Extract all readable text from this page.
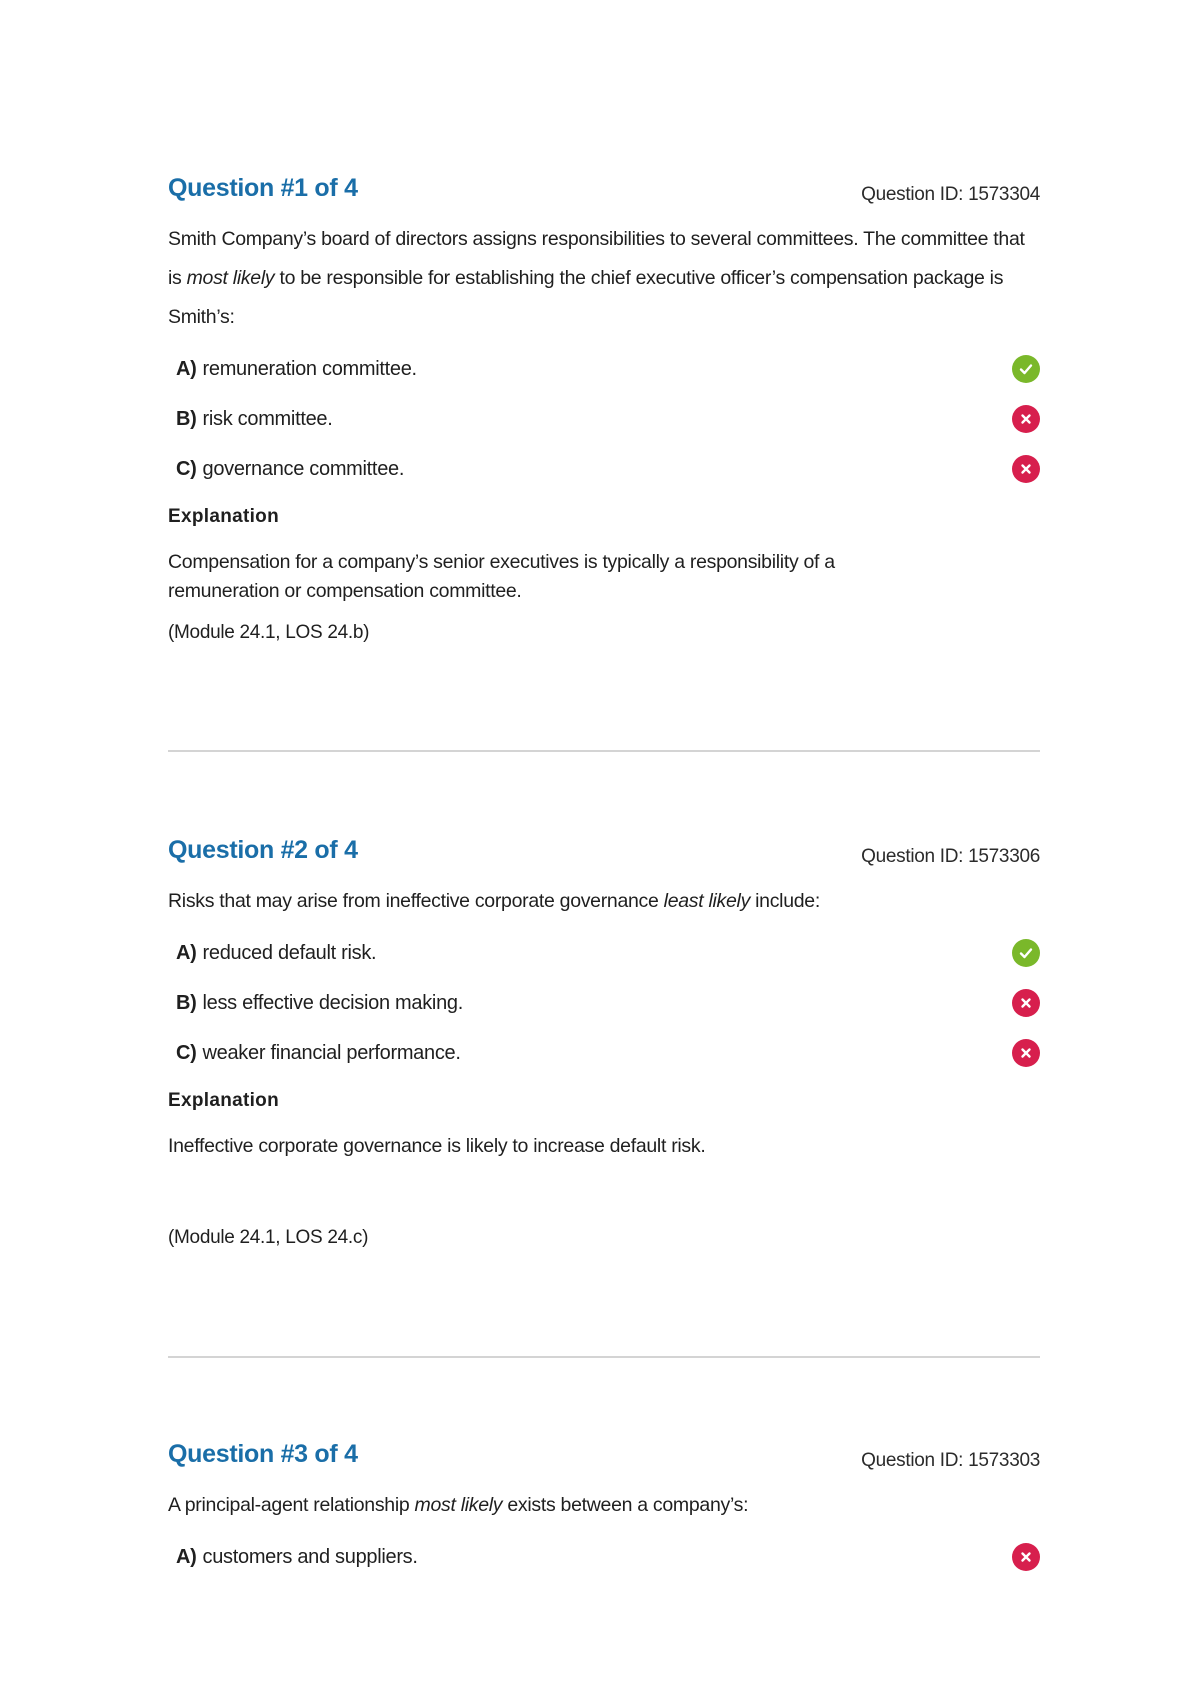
Question #1 of 4	Question ID: 1573304

Smith Company’s board of directors assigns responsibilities to several committees. The committee that is most likely to be responsible for establishing the chief executive officer’s compensation package is Smith’s:

A) remuneration committee.
B) risk committee.
C) governance committee.
Explanation

Compensation for a company’s senior executives is typically a responsibility of a remuneration or compensation committee.

(Module 24.1, LOS 24.b)

Question #2 of 4	Question ID: 1573306

Risks that may arise from ineffective corporate governance least likely include:

A) reduced default risk.
B) less effective decision making.
C) weaker financial performance.
Explanation

Ineffective corporate governance is likely to increase default risk.

(Module 24.1, LOS 24.c)

Question #3 of 4	Question ID: 1573303

A principal-agent relationship most likely exists between a company’s:

A) customers and suppliers.
